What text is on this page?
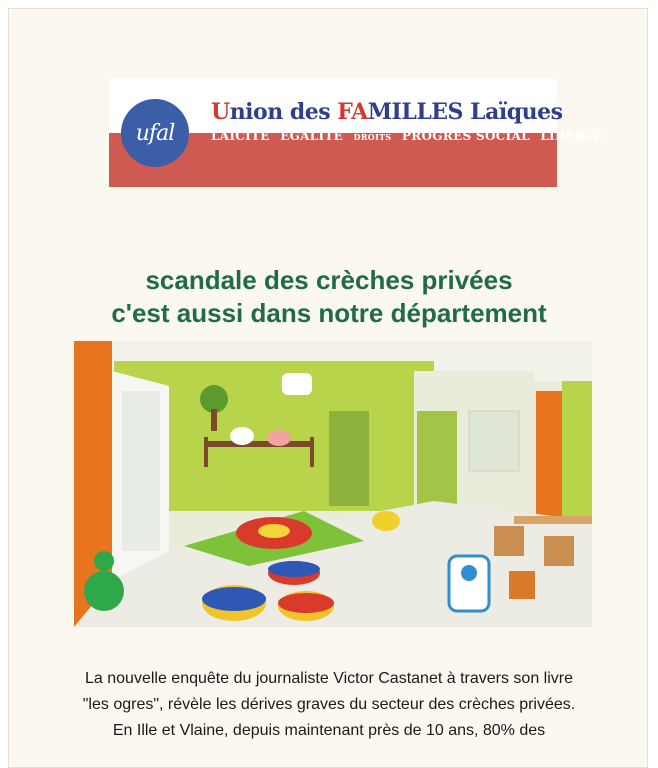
ufal
Union des FAMILLES Laïques
LAÏCITÉ ÉGALITÉ DROITS PROGRÈS SOCIAL LIBERTÉ
scandale des crèches privées
c'est aussi dans notre département
La nouvelle enquête du journaliste Victor Castanet à travers son livre
"les ogres", révèle les dérives graves du secteur des crèches privées.
En Ille et Vlaine, depuis maintenant près de 10 ans, 80% des
